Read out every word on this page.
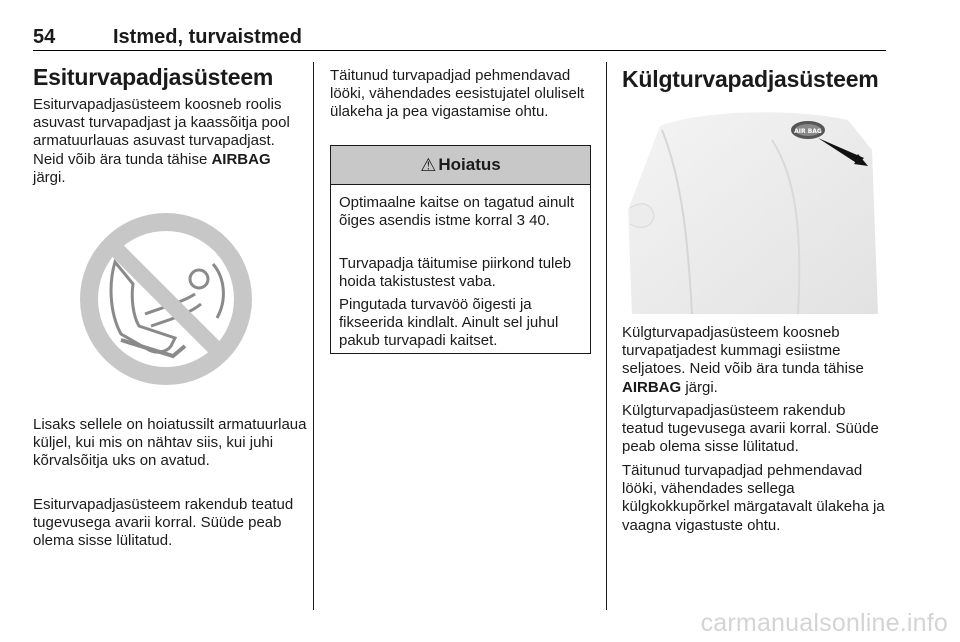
54	Istmed, turvaistmed
Esiturvapadjasüsteem

Esiturvapadjasüsteem koosneb roolis asuvast turvapadjast ja kaassõitja pool armatuurlauas asuvast turvapadjast. Neid võib ära tunda tähise AIRBAG järgi.

Lisaks sellele on hoiatussilt armatuurlaua küljel, kui mis on nähtav siis, kui juhi kõrvalsõitja uks on avatud.

Esiturvapadjasüsteem rakendub teatud tugevusega avarii korral. Süüde peab olema sisse lülitatud.

Täitunud turvapadjad pehmendavad lööki, vähendades eesistujatel oluliselt ülakeha ja pea vigastamise ohtu.

⚠ Hoiatus

Optimaalne kaitse on tagatud ainult õiges asendis istme korral 3 40.

Turvapadja täitumise piirkond tuleb hoida takistustest vaba.

Pingutada turvavöö õigesti ja fikseerida kindlalt. Ainult sel juhul pakub turvapadi kaitset.

Külgturvapadjasüsteem
AIR BAG

Külgturvapadjasüsteem koosneb turvapatjadest kummagi esiistme seljatoes. Neid võib ära tunda tähise AIRBAG järgi.

Külgturvapadjasüsteem rakendub teatud tugevusega avarii korral. Süüde peab olema sisse lülitatud.

Täitunud turvapadjad pehmendavad lööki, vähendades sellega külgkokkupõrkel märgatavalt ülakeha ja vaagna vigastuste ohtu.

carmanualsonline.info
